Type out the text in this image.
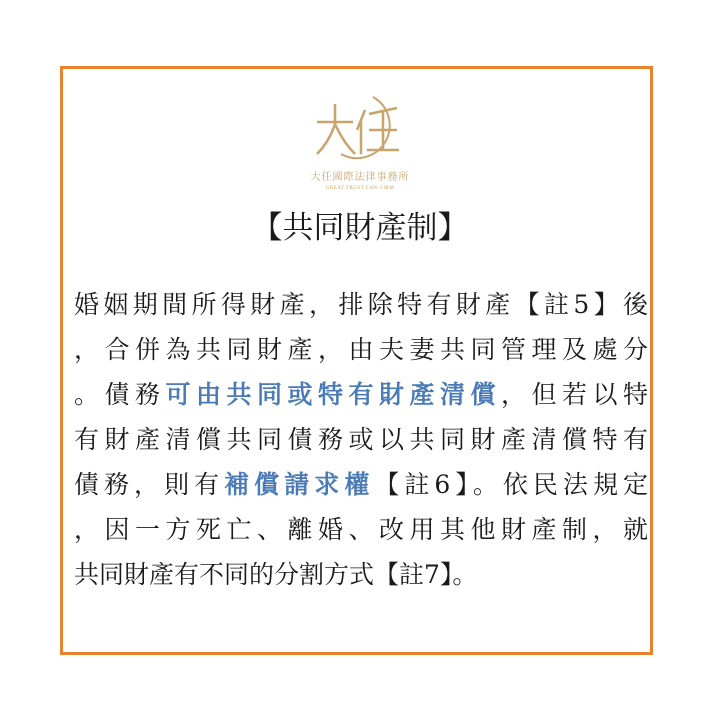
大任國際法律事務所
GREAT TRUST LAW FIRM
【共同財產制】
婚姻期間所得財產，排除特有財產【註5】後
，合併為共同財產，由夫妻共同管理及處分
。債務可由共同或特有財產清償，但若以特
有財產清償共同債務或以共同財產清償特有
債務，則有補償請求權【註6】。依民法規定
，因一方死亡、離婚、改用其他財產制，就
共同財產有不同的分割方式【註7】。
